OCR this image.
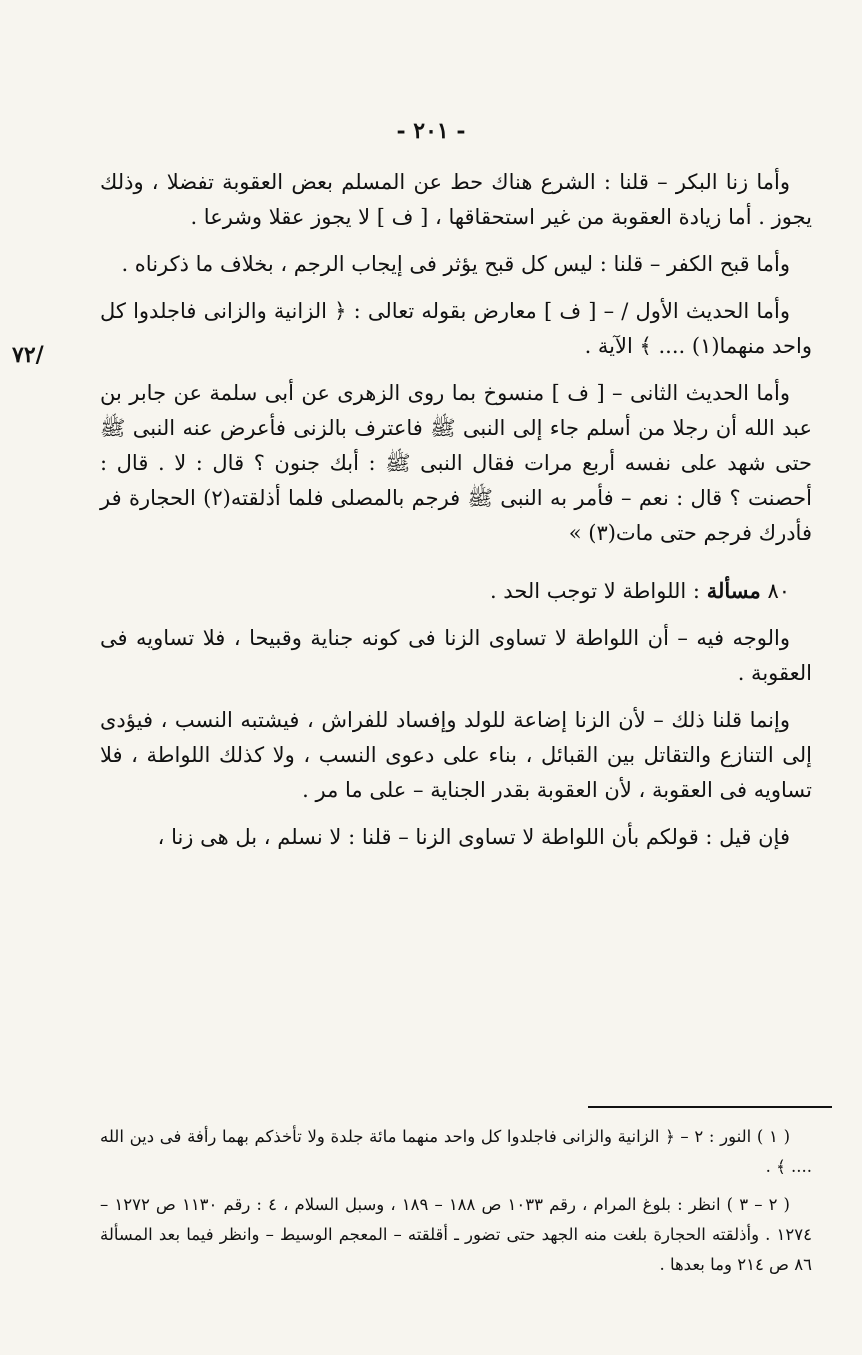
- ٢٠١ -
٧٢/

وأما زنا البكر – قلنا : الشرع هناك حط عن المسلم بعض العقوبة تفضلا ، وذلك يجوز . أما زيادة العقوبة من غير استحقاقها ، [ ف ] لا يجوز عقلا وشرعا .

وأما قبح الكفر – قلنا : ليس كل قبح يؤثر فى إيجاب الرجم ، بخلاف ما ذكرناه .

وأما الحديث الأول / – [ ف ] معارض بقوله تعالى : ﴿ الزانية والزانى فاجلدوا كل واحد منهما(١) .... ﴾ الآية .

وأما الحديث الثانى – [ ف ] منسوخ بما روى الزهرى عن أبى سلمة عن جابر بن عبد الله أن رجلا من أسلم جاء إلى النبى ﷺ فاعترف بالزنى فأعرض عنه النبى ﷺ حتى شهد على نفسه أربع مرات فقال النبى ﷺ : أبك جنون ؟ قال : لا . قال : أحصنت ؟ قال : نعم – فأمر به النبى ﷺ فرجم بالمصلى فلما أذلقته(٢) الحجارة فر فأدرك فرجم حتى مات(٣) »

٨٠ مسألة : اللواطة لا توجب الحد .

والوجه فيه – أن اللواطة لا تساوى الزنا فى كونه جناية وقبيحا ، فلا تساويه فى العقوبة .

وإنما قلنا ذلك – لأن الزنا إضاعة للولد وإفساد للفراش ، فيشتبه النسب ، فيؤدى إلى التنازع والتقاتل بين القبائل ، بناء على دعوى النسب ، ولا كذلك اللواطة ، فلا تساويه فى العقوبة ، لأن العقوبة بقدر الجناية – على ما مر .

فإن قيل : قولكم بأن اللواطة لا تساوى الزنا – قلنا : لا نسلم ، بل هى زنا ،

( ١ ) النور : ٢ – ﴿ الزانية والزانى فاجلدوا كل واحد منهما مائة جلدة ولا تأخذكم بهما رأفة فى دين الله .... ﴾ .

( ٢ – ٣ ) انظر : بلوغ المرام ، رقم ١٠٣٣ ص ١٨٨ – ١٨٩ ، وسبل السلام ، ٤ : رقم ١١٣٠ ص ١٢٧٢ – ١٢٧٤ . وأذلقته الحجارة بلغت منه الجهد حتى تضور ـ أقلقته – المعجم الوسيط – وانظر فيما بعد المسألة ٨٦ ص ٢١٤ وما بعدها .
